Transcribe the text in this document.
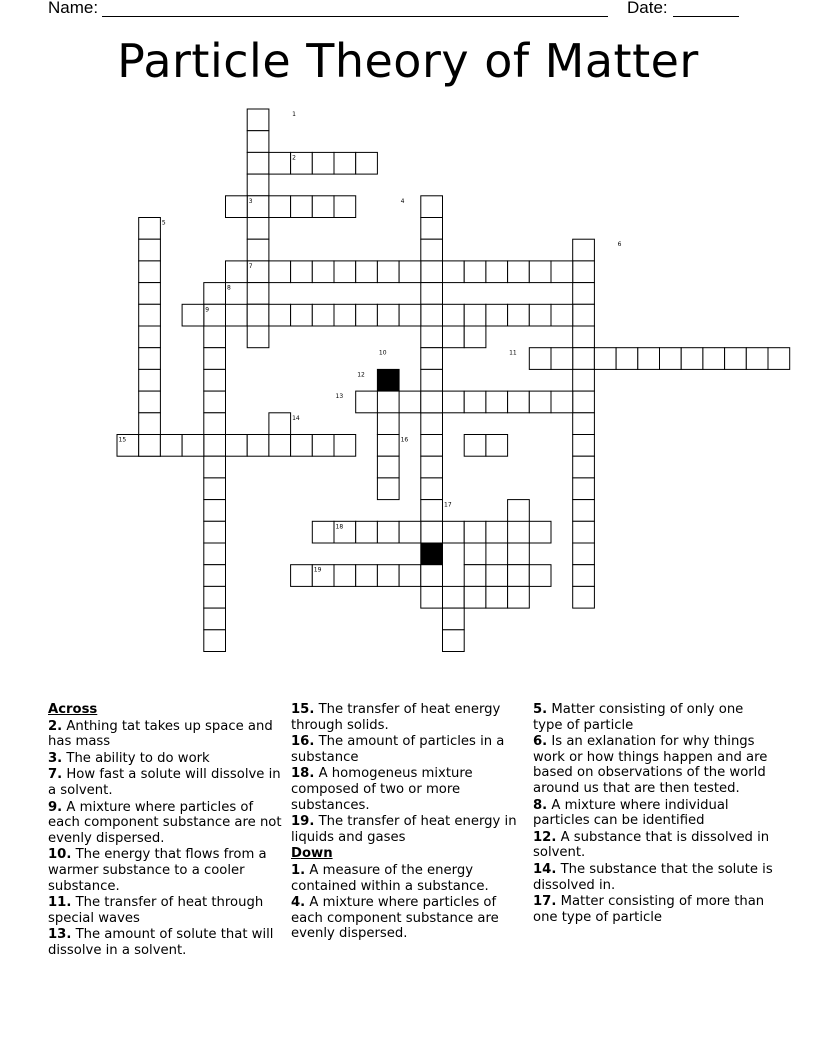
Name:	Date:
Particle Theory of Matter
1
2
3	4
5
6
7
8
9
10	11
12
13
14
15	16
17
18
19
Across
2. Anthing tat takes up space and has mass
3. The ability to do work
7. How fast a solute will dissolve in a solvent.
9. A mixture where particles of each component substance are not evenly dispersed.
10. The energy that flows from a warmer substance to a cooler substance.
11. The transfer of heat through special waves
13. The amount of solute that will dissolve in a solvent.
15. The transfer of heat energy through solids.
16. The amount of particles in a substance
18. A homogeneus mixture composed of two or more substances.
19. The transfer of heat energy in liquids and gases
Down
1. A measure of the energy contained within a substance.
4. A mixture where particles of each component substance are evenly dispersed.
5. Matter consisting of only one type of particle
6. Is an exlanation for why things work or how things happen and are based on observations of the world around us that are then tested.
8. A mixture where individual particles can be identified
12. A substance that is dissolved in solvent.
14. The substance that the solute is dissolved in.
17. Matter consisting of more than one type of particle
